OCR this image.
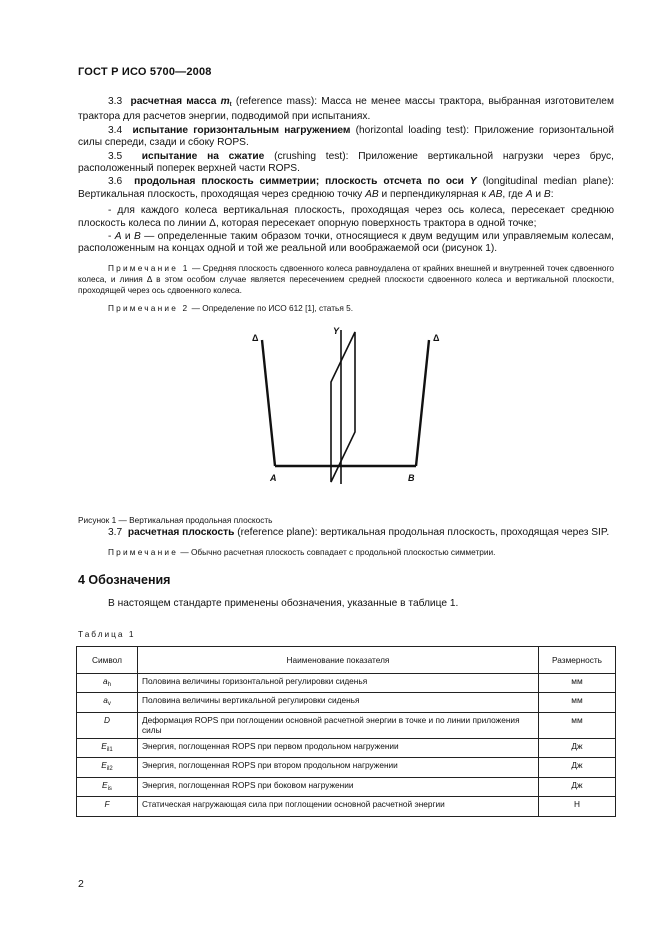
ГОСТ Р ИСО 5700—2008

3.3 расчетная масса $m_t$ (reference mass): Масса не менее массы трактора, выбранная изготовителем трактора для расчетов энергии, подводимой при испытаниях.

3.4 испытание горизонтальным нагружением (horizontal loading test): Приложение горизонтальной силы спереди, сзади и сбоку ROPS.

3.5 испытание на сжатие (crushing test): Приложение вертикальной нагрузки через брус, расположенный поперек верхней части ROPS.

3.6 продольная плоскость симметрии; плоскость отсчета по оси Y (longitudinal median plane): Вертикальная плоскость, проходящая через среднюю точку AB и перпендикулярная к AB, где A и B:

- для каждого колеса вертикальная плоскость, проходящая через ось колеса, пересекает среднюю плоскость колеса по линии Δ, которая пересекает опорную поверхность трактора в одной точке;

- A и B — определенные таким образом точки, относящиеся к двум ведущим или управляемым колесам, расположенным на концах одной и той же реальной или воображаемой оси (рисунок 1).

Примечание 1 — Средняя плоскость сдвоенного колеса равноудалена от крайних внешней и внутренней точек сдвоенного колеса, и линия Δ в этом особом случае является пересечением средней плоскости сдвоенного колеса и вертикальной плоскости, проходящей через ось сдвоенного колеса.

Примечание 2 — Определение по ИСО 612 [1], статья 5.

Δ	Δ
Y
A	B

Рисунок 1 — Вертикальная продольная плоскость

3.7 расчетная плоскость (reference plane): вертикальная продольная плоскость, проходящая через SIP.

Примечание — Обычно расчетная плоскость совпадает с продольной плоскостью симметрии.

4 Обозначения

В настоящем стандарте применены обозначения, указанные в таблице 1.

Таблица 1
Символ	Наименование показателя	Размерность
$a_h$	Половина величины горизонтальной регулировки сиденья	мм
$a_v$	Половина величины вертикальной регулировки сиденья	мм
D	Деформация ROPS при поглощении основной расчетной энергии в точке и по линии приложения силы	мм
$E_{il1}$	Энергия, поглощенная ROPS при первом продольном нагружении	Дж
$E_{il2}$	Энергия, поглощенная ROPS при втором продольном нагружении	Дж
$E_{is}$	Энергия, поглощенная ROPS при боковом нагружении	Дж
F	Статическая нагружающая сила при поглощении основной расчетной энергии	Н
2
